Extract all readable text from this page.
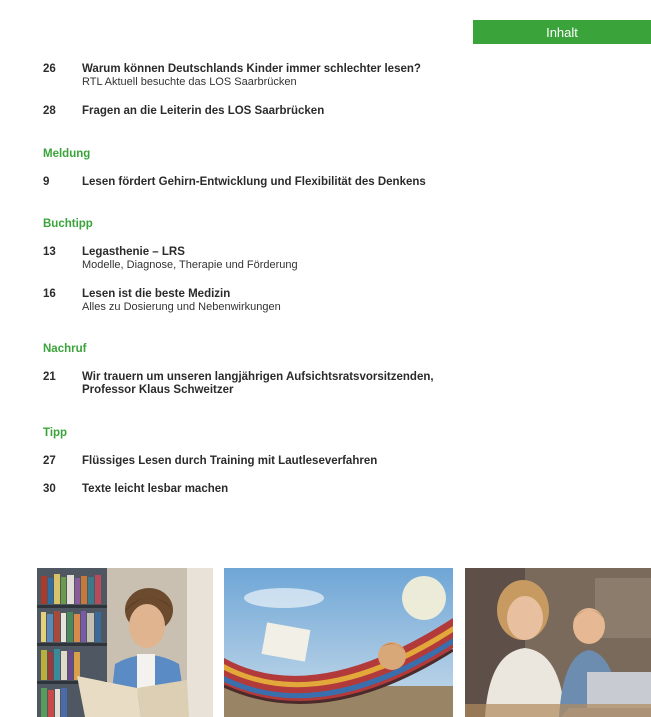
Inhalt
26	Warum können Deutschlands Kinder immer schlechter lesen?
RTL Aktuell besuchte das LOS Saarbrücken
28	Fragen an die Leiterin des LOS Saarbrücken
Meldung
9	Lesen fördert Gehirn-Entwicklung und Flexibilität des Denkens
Buchtipp
13	Legasthenie – LRS
Modelle, Diagnose, Therapie und Förderung
16	Lesen ist die beste Medizin
Alles zu Dosierung und Nebenwirkungen
Nachruf
21	Wir trauern um unseren langjährigen Aufsichtsratsvorsitzenden,
Professor Klaus Schweitzer
Tipp
27	Flüssiges Lesen durch Training mit Lautleseverfahren
30	Texte leicht lesbar machen
